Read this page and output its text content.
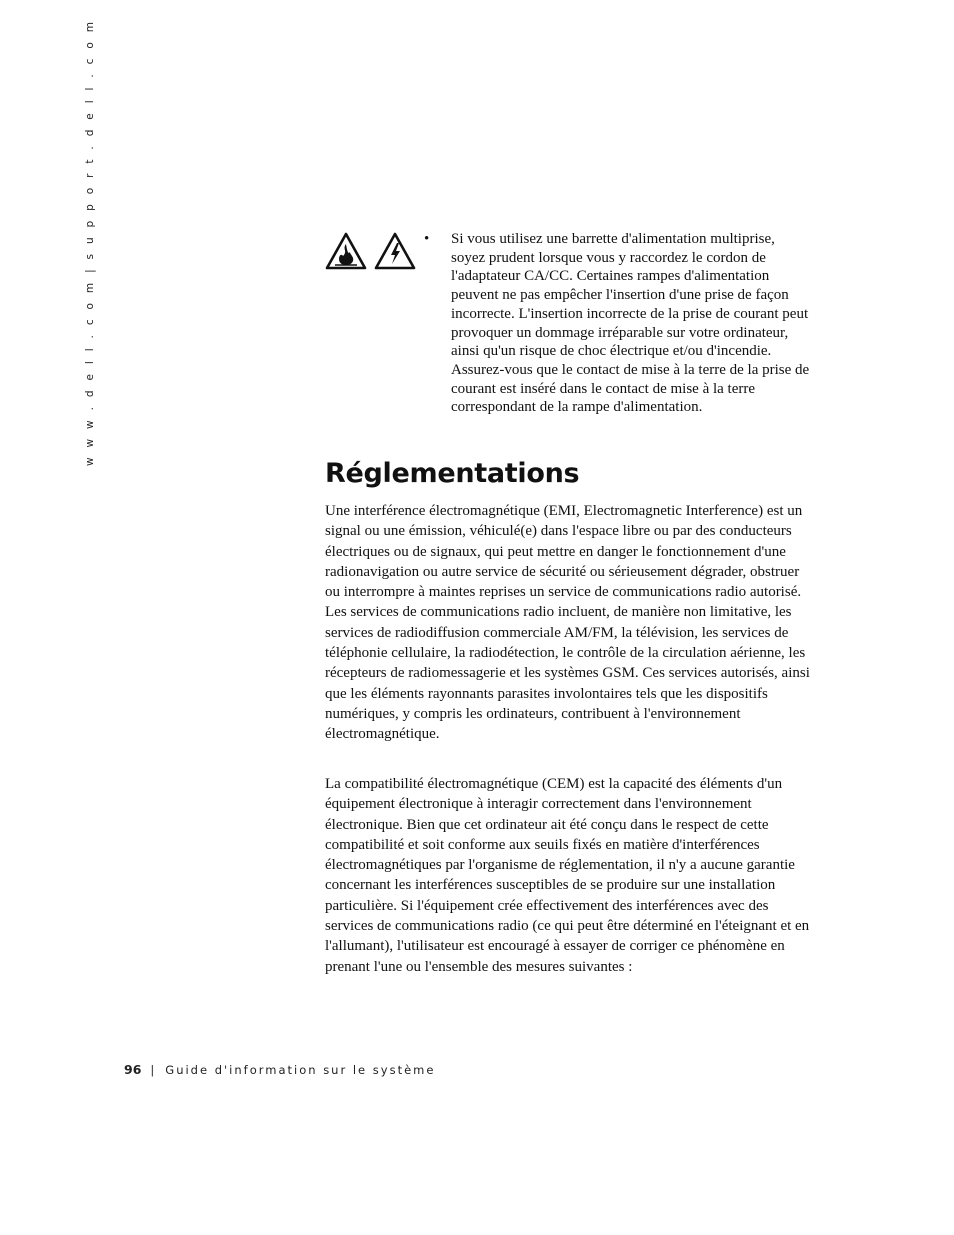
w w w . d e l l . c o m | s u p p o r t . d e l l . c o m	• Si vous utilisez une barrette d'alimentation multiprise, soyez prudent lorsque vous y raccordez le cordon de l'adaptateur CA/CC. Certaines rampes d'alimentation peuvent ne pas empêcher l'insertion d'une prise de façon incorrecte. L'insertion incorrecte de la prise de courant peut provoquer un dommage irréparable sur votre ordinateur, ainsi qu'un risque de choc électrique et/ou d'incendie. Assurez-vous que le contact de mise à la terre de la prise de courant est inséré dans le contact de mise à la terre correspondant de la rampe d'alimentation.
Réglementations

Une interférence électromagnétique (EMI, Electromagnetic Interference) est un signal ou une émission, véhiculé(e) dans l'espace libre ou par des conducteurs électriques ou de signaux, qui peut mettre en danger le fonctionnement d'une radionavigation ou autre service de sécurité ou sérieusement dégrader, obstruer ou interrompre à maintes reprises un service de communications radio autorisé. Les services de communications radio incluent, de manière non limitative, les services de radiodiffusion commerciale AM/FM, la télévision, les services de téléphonie cellulaire, la radiodétection, le contrôle de la circulation aérienne, les récepteurs de radiomessagerie et les systèmes GSM. Ces services autorisés, ainsi que les éléments rayonnants parasites involontaires tels que les dispositifs numériques, y compris les ordinateurs, contribuent à l'environnement électromagnétique.

La compatibilité électromagnétique (CEM) est la capacité des éléments d'un équipement électronique à interagir correctement dans l'environnement électronique. Bien que cet ordinateur ait été conçu dans le respect de cette compatibilité et soit conforme aux seuils fixés en matière d'interférences électromagnétiques par l'organisme de réglementation, il n'y a aucune garantie concernant les interférences susceptibles de se produire sur une installation particulière. Si l'équipement crée effectivement des interférences avec des services de communications radio (ce qui peut être déterminé en l'éteignant et en l'allumant), l'utilisateur est encouragé à essayer de corriger ce phénomène en prenant l'une ou l'ensemble des mesures suivantes :

96 | Guide d'information sur le système
